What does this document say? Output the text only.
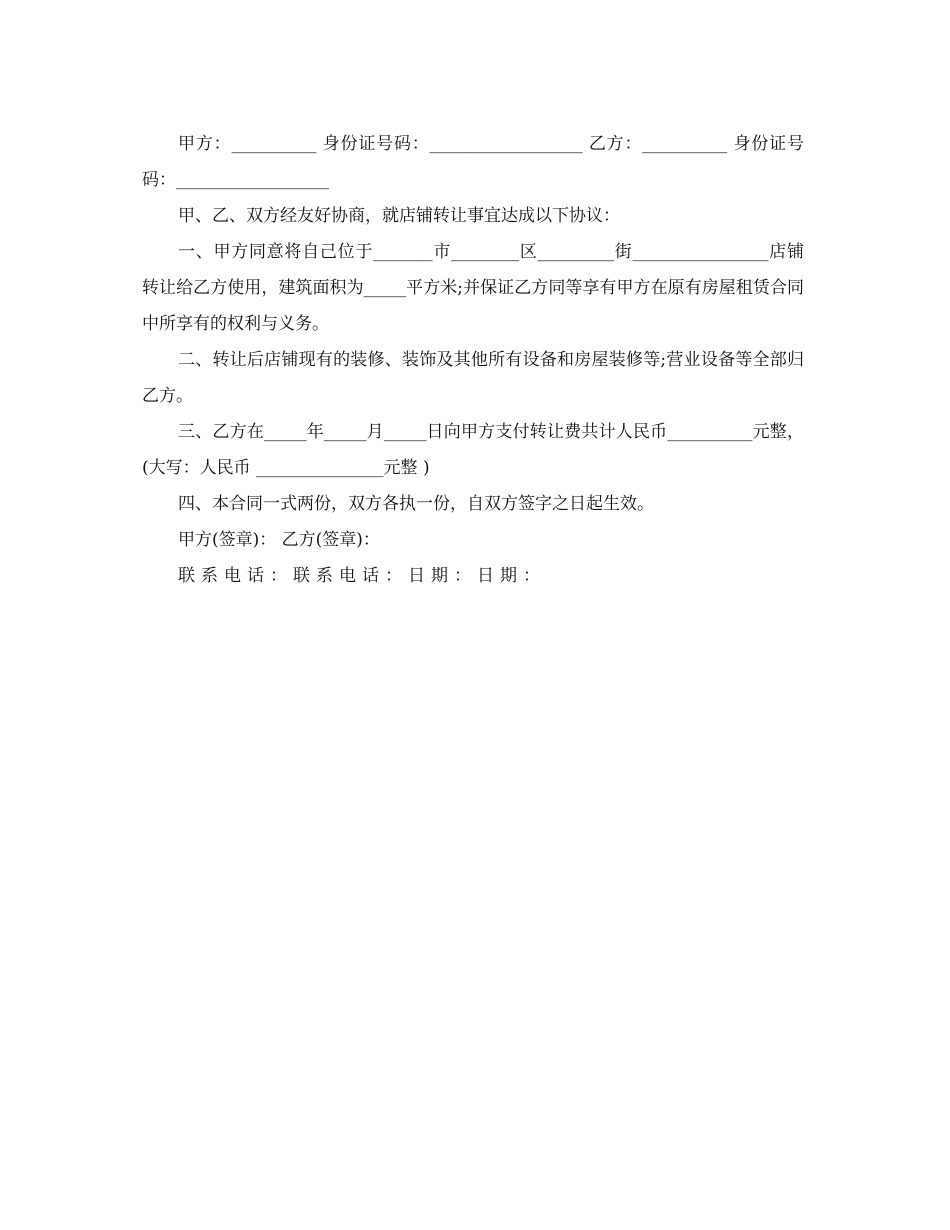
甲方：__________ 身份证号码：__________________ 乙方：__________ 身份证号码：__________________

甲、乙、双方经友好协商，就店铺转让事宜达成以下协议：

一、甲方同意将自己位于_______市________区_________街________________店铺转让给乙方使用，建筑面积为_____平方米;并保证乙方同等享有甲方在原有房屋租赁合同中所享有的权利与义务。

二、转让后店铺现有的装修、装饰及其他所有设备和房屋装修等;营业设备等全部归乙方。

三、乙方在_____年_____月_____日向甲方支付转让费共计人民币__________元整，(大写：人民币 _______________元整 )

四、本合同一式两份，双方各执一份，自双方签字之日起生效。

甲方(签章)： 乙方(签章)：

联系电话：联系电话：日期：日期：
